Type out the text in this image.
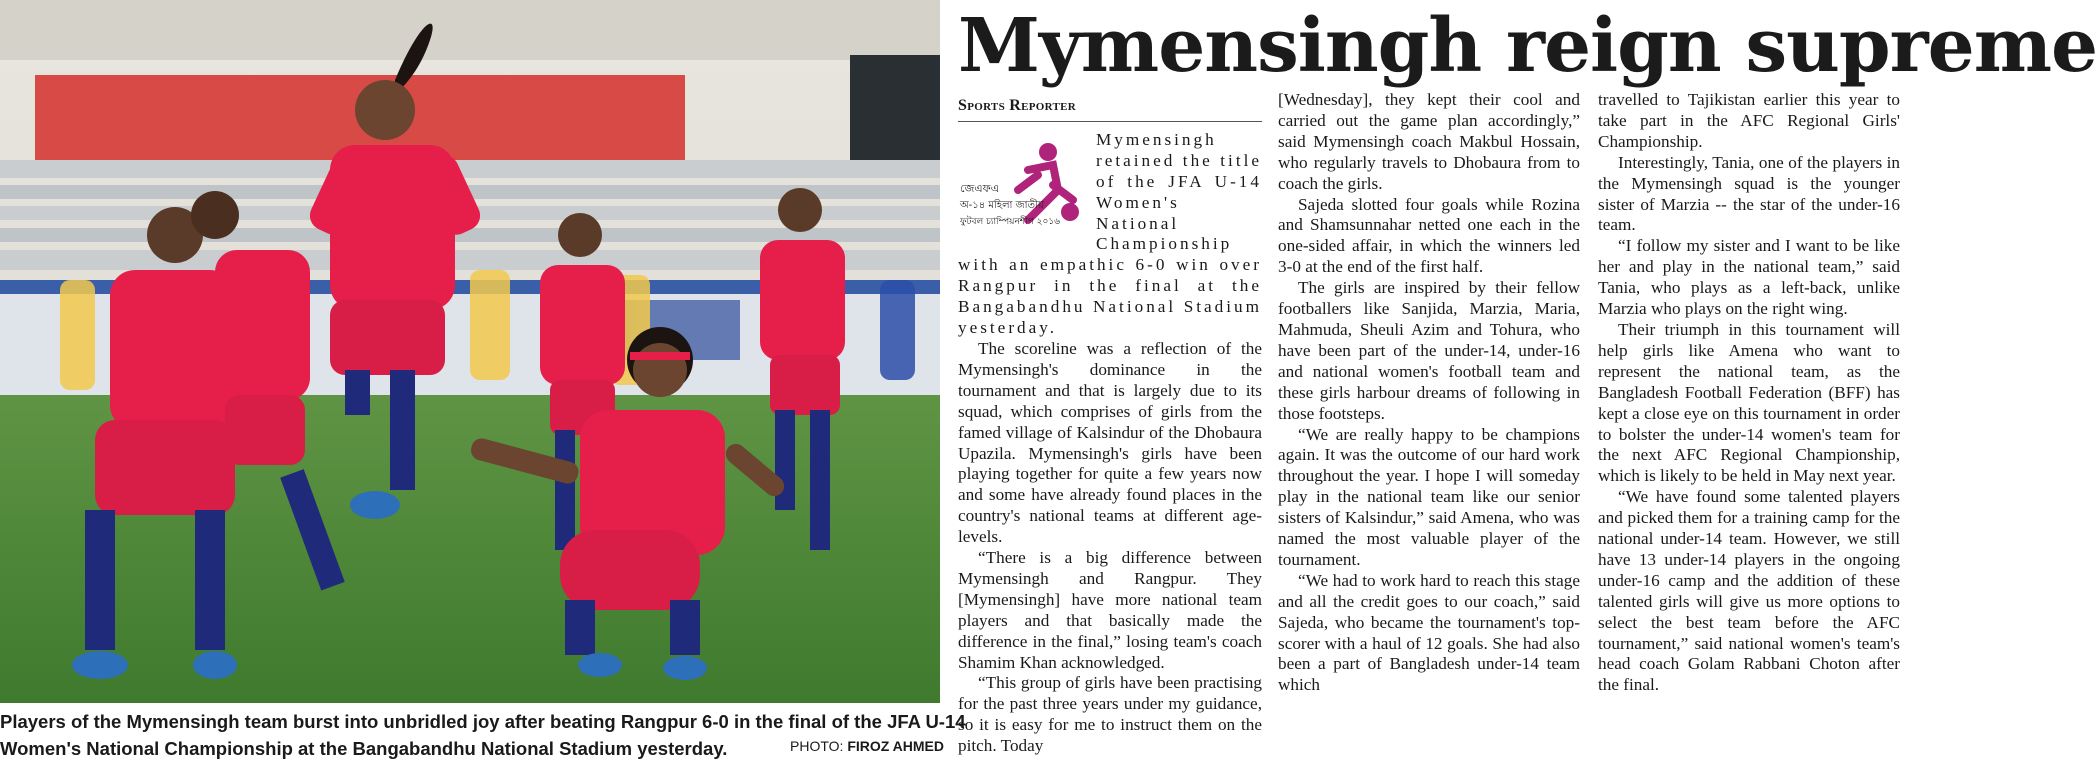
Players of the Mymensingh team burst into unbridled joy after beating Rangpur 6-0 in the final of the JFA U-14
Women's National Championship at the Bangabandhu National Stadium yesterday.	PHOTO: FIROZ AHMED
Mymensingh reign supreme
Sports Reporter
জেএফএ
অ-১৪ মহিলা জাতীয়
ফুটবল চ্যাম্পিয়নশীপ ২০১৬

Mymensingh retained the title of the JFA U-14 Women's National Championship with an empathic 6-0 win over Rangpur in the final at the Bangabandhu National Stadium yesterday.

The scoreline was a reflection of the Mymensingh's dominance in the tournament and that is largely due to its squad, which comprises of girls from the famed village of Kalsindur of the Dhobaura Upazila. Mymensingh's girls have been playing together for quite a few years now and some have already found places in the country's national teams at different age-levels.

“There is a big difference between Mymensingh and Rangpur. They [Mymensingh] have more national team players and that basically made the difference in the final,” losing team's coach Shamim Khan acknowledged.

“This group of girls have been practising for the past three years under my guidance, so it is easy for me to instruct them on the pitch. Today

[Wednesday], they kept their cool and carried out the game plan accordingly,” said Mymensingh coach Makbul Hossain, who regularly travels to Dhobaura from to coach the girls.

Sajeda slotted four goals while Rozina and Shamsunnahar netted one each in the one-sided affair, in which the winners led 3-0 at the end of the first half.

The girls are inspired by their fellow footballers like Sanjida, Marzia, Maria, Mahmuda, Sheuli Azim and Tohura, who have been part of the under-14, under-16 and national women's football team and these girls harbour dreams of following in those footsteps.

“We are really happy to be champions again. It was the outcome of our hard work throughout the year. I hope I will someday play in the national team like our senior sisters of Kalsindur,” said Amena, who was named the most valuable player of the tournament.

“We had to work hard to reach this stage and all the credit goes to our coach,” said Sajeda, who became the tournament's top-scorer with a haul of 12 goals. She had also been a part of Bangladesh under-14 team which

travelled to Tajikistan earlier this year to take part in the AFC Regional Girls' Championship.

Interestingly, Tania, one of the players in the Mymensingh squad is the younger sister of Marzia -- the star of the under-16 team.

“I follow my sister and I want to be like her and play in the national team,” said Tania, who plays as a left-back, unlike Marzia who plays on the right wing.

Their triumph in this tournament will help girls like Amena who want to represent the national team, as the Bangladesh Football Federation (BFF) has kept a close eye on this tournament in order to bolster the under-14 women's team for the next AFC Regional Championship, which is likely to be held in May next year.

“We have found some talented players and picked them for a training camp for the national under-14 team. However, we still have 13 under-14 players in the ongoing under-16 camp and the addition of these talented girls will give us more options to select the best team before the AFC tournament,” said national women's team's head coach Golam Rabbani Choton after the final.
